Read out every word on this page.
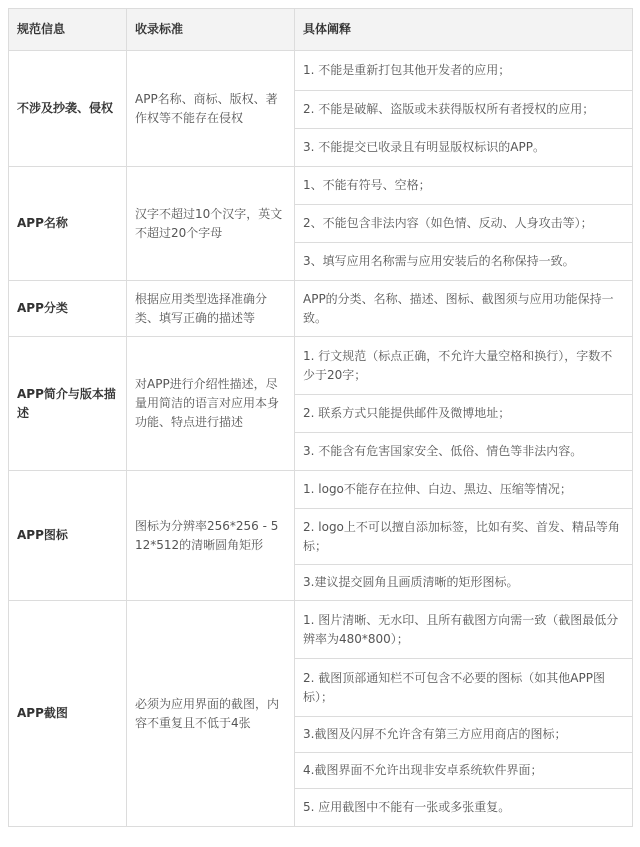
规范信息	收录标准	具体阐释
不涉及抄袭、侵权	APP名称、商标、版权、著作权等不能存在侵权	1. 不能是重新打包其他开发者的应用；
		2. 不能是破解、盗版或未获得版权所有者授权的应用；
		3. 不能提交已收录且有明显版权标识的APP。
APP名称	汉字不超过10个汉字，英文不超过20个字母	1、不能有符号、空格；
		2、不能包含非法内容（如色情、反动、人身攻击等）；
		3、填写应用名称需与应用安装后的名称保持一致。
APP分类	根据应用类型选择准确分类、填写正确的描述等	APP的分类、名称、描述、图标、截图须与应用功能保持一致。
APP简介与版本描述	对APP进行介绍性描述，尽量用简洁的语言对应用本身功能、特点进行描述	1. 行文规范（标点正确，不允许大量空格和换行），字数不少于20字；
		2. 联系方式只能提供邮件及微博地址；
		3. 不能含有危害国家安全、低俗、情色等非法内容。
APP图标	图标为分辨率256*256 - 512*512的清晰圆角矩形	1. logo不能存在拉伸、白边、黑边、压缩等情况；
		2. logo上不可以擅自添加标签，比如有奖、首发、精品等角标；
		3.建议提交圆角且画质清晰的矩形图标。
APP截图	必须为应用界面的截图，内容不重复且不低于4张	1. 图片清晰、无水印、且所有截图方向需一致（截图最低分辨率为480*800）；
		2. 截图顶部通知栏不可包含不必要的图标（如其他APP图标）；
		3.截图及闪屏不允许含有第三方应用商店的图标；
		4.截图界面不允许出现非安卓系统软件界面；
		5. 应用截图中不能有一张或多张重复。
